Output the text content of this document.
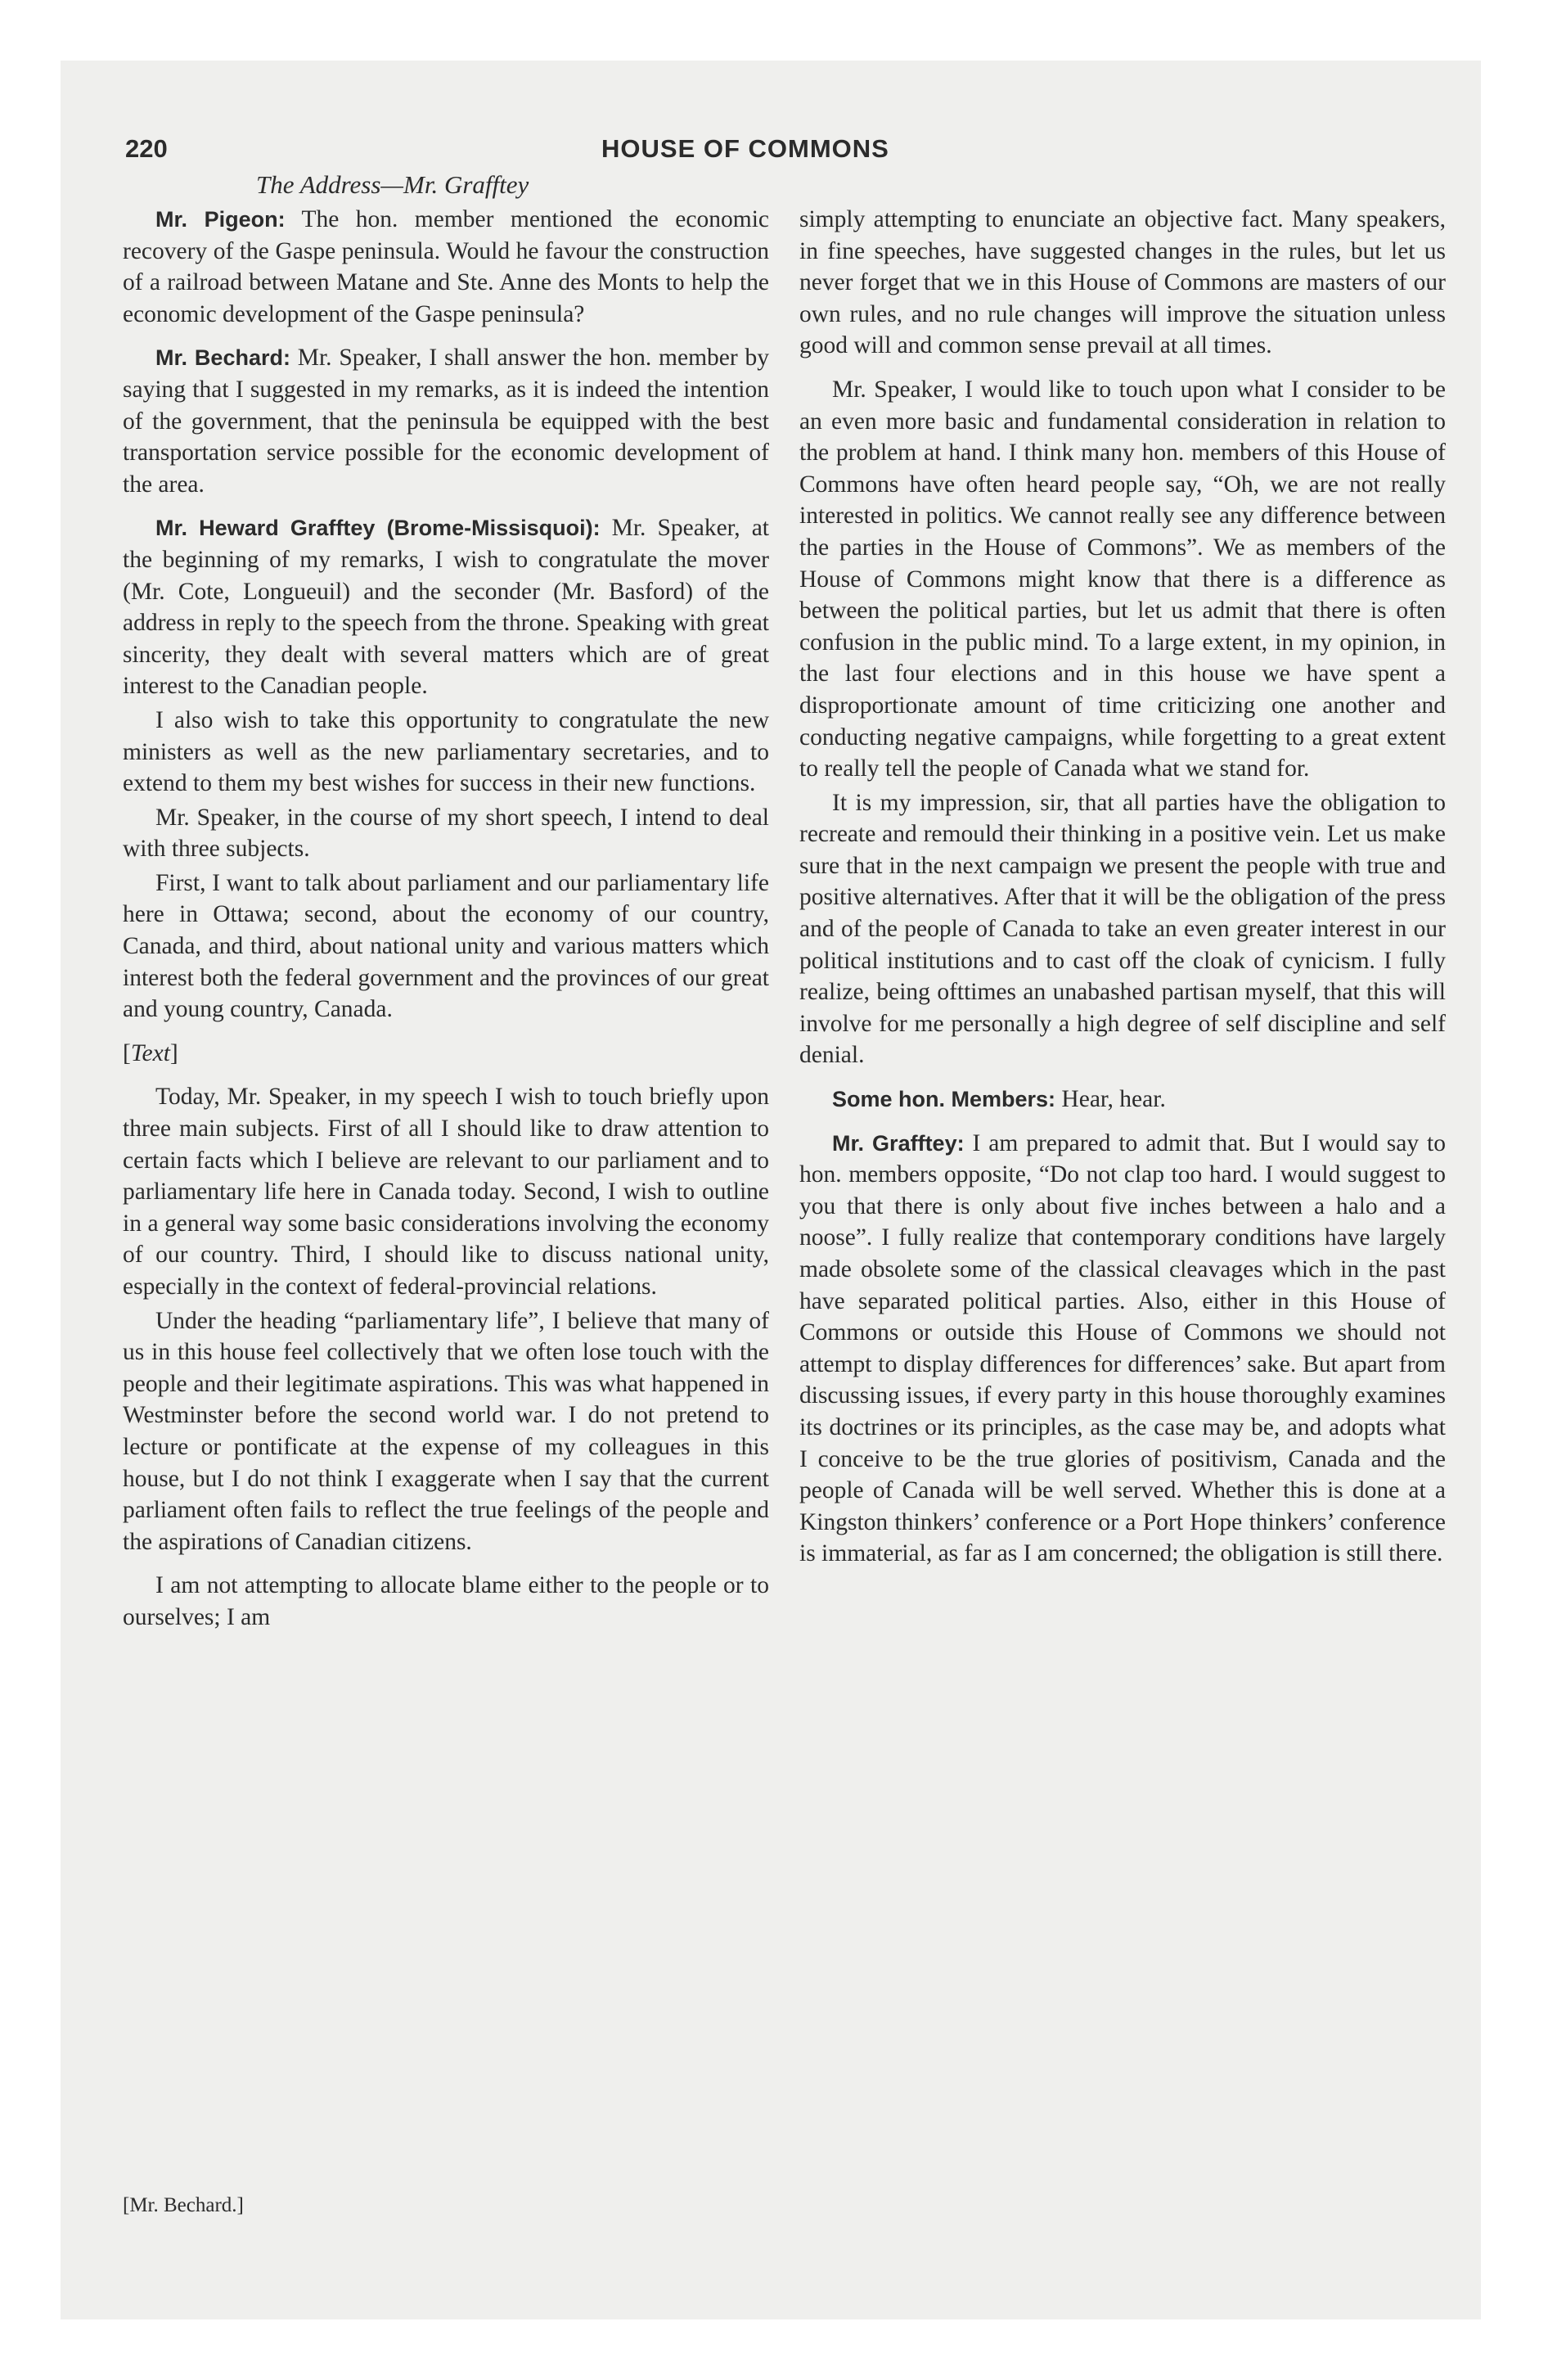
220	HOUSE OF COMMONS
The Address—Mr. Grafftey

Mr. Pigeon: The hon. member mentioned the economic recovery of the Gaspe peninsula. Would he favour the construction of a railroad between Matane and Ste. Anne des Monts to help the economic development of the Gaspe peninsula?

Mr. Bechard: Mr. Speaker, I shall answer the hon. member by saying that I suggested in my remarks, as it is indeed the intention of the government, that the peninsula be equipped with the best transportation service possible for the economic development of the area.

Mr. Heward Grafftey (Brome-Missisquoi): Mr. Speaker, at the beginning of my remarks, I wish to congratulate the mover (Mr. Cote, Longueuil) and the seconder (Mr. Basford) of the address in reply to the speech from the throne. Speaking with great sincerity, they dealt with several matters which are of great interest to the Canadian people.

I also wish to take this opportunity to congratulate the new ministers as well as the new parliamentary secretaries, and to extend to them my best wishes for success in their new functions.

Mr. Speaker, in the course of my short speech, I intend to deal with three subjects.

First, I want to talk about parliament and our parliamentary life here in Ottawa; second, about the economy of our country, Canada, and third, about national unity and various matters which interest both the federal government and the provinces of our great and young country, Canada.

[Text]

Today, Mr. Speaker, in my speech I wish to touch briefly upon three main subjects. First of all I should like to draw attention to certain facts which I believe are relevant to our parliament and to parliamentary life here in Canada today. Second, I wish to outline in a general way some basic considerations involving the economy of our country. Third, I should like to discuss national unity, especially in the context of federal-provincial relations.

Under the heading “parliamentary life”, I believe that many of us in this house feel collectively that we often lose touch with the people and their legitimate aspirations. This was what happened in Westminster before the second world war. I do not pretend to lecture or pontificate at the expense of my colleagues in this house, but I do not think I exaggerate when I say that the current parliament often fails to reflect the true feelings of the people and the aspirations of Canadian citizens.

I am not attempting to allocate blame either to the people or to ourselves; I am

simply attempting to enunciate an objective fact. Many speakers, in fine speeches, have suggested changes in the rules, but let us never forget that we in this House of Commons are masters of our own rules, and no rule changes will improve the situation unless good will and common sense prevail at all times.

Mr. Speaker, I would like to touch upon what I consider to be an even more basic and fundamental consideration in relation to the problem at hand. I think many hon. members of this House of Commons have often heard people say, “Oh, we are not really interested in politics. We cannot really see any difference between the parties in the House of Commons”. We as members of the House of Commons might know that there is a difference as between the political parties, but let us admit that there is often confusion in the public mind. To a large extent, in my opinion, in the last four elections and in this house we have spent a disproportionate amount of time criticizing one another and conducting negative campaigns, while forgetting to a great extent to really tell the people of Canada what we stand for.

It is my impression, sir, that all parties have the obligation to recreate and remould their thinking in a positive vein. Let us make sure that in the next campaign we present the people with true and positive alternatives. After that it will be the obligation of the press and of the people of Canada to take an even greater interest in our political institutions and to cast off the cloak of cynicism. I fully realize, being ofttimes an unabashed partisan myself, that this will involve for me personally a high degree of self discipline and self denial.

Some hon. Members: Hear, hear.

Mr. Grafftey: I am prepared to admit that. But I would say to hon. members opposite, “Do not clap too hard. I would suggest to you that there is only about five inches between a halo and a noose”. I fully realize that contemporary conditions have largely made obsolete some of the classical cleavages which in the past have separated political parties. Also, either in this House of Commons or outside this House of Commons we should not attempt to display differences for differences’ sake. But apart from discussing issues, if every party in this house thoroughly examines its doctrines or its principles, as the case may be, and adopts what I conceive to be the true glories of positivism, Canada and the people of Canada will be well served. Whether this is done at a Kingston thinkers’ conference or a Port Hope thinkers’ conference is immaterial, as far as I am concerned; the obligation is still there.

[Mr. Bechard.]
